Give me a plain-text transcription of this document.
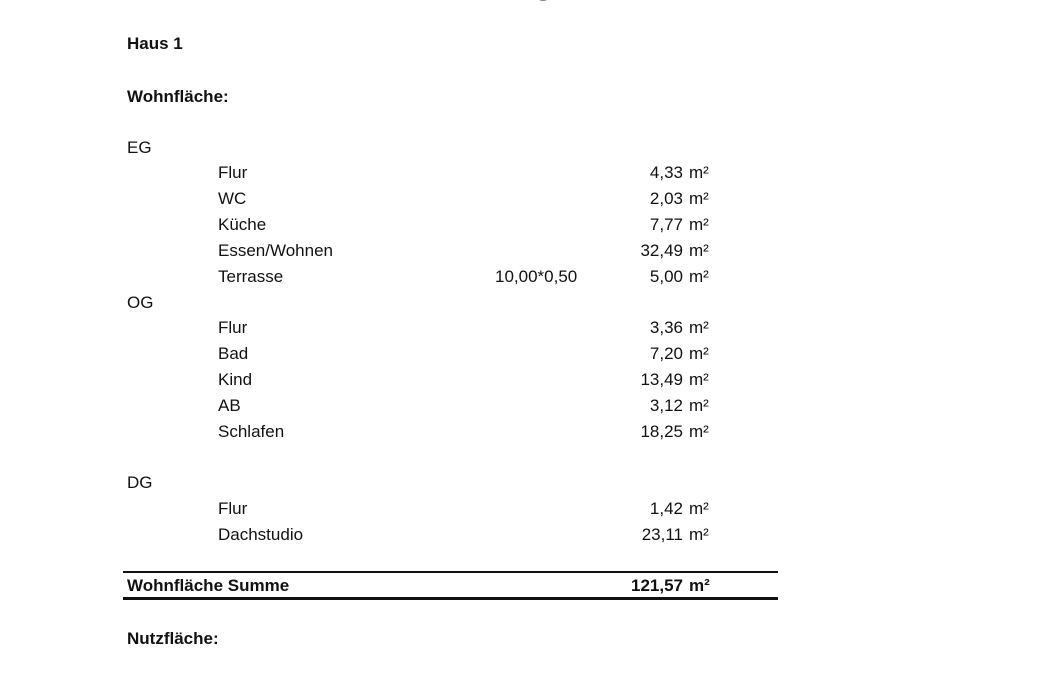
Haus 1
Wohnfläche:
EG
Flur	4,33 m²
WC	2,03 m²
Küche	7,77 m²
Essen/Wohnen	32,49 m²
Terrasse	10,00*0,50	5,00 m²
OG
Flur	3,36 m²
Bad	7,20 m²
Kind	13,49 m²
AB	3,12 m²
Schlafen	18,25 m²
DG
Flur	1,42 m²
Dachstudio	23,11 m²
Wohnfläche Summe	121,57 m²
Nutzfläche:
